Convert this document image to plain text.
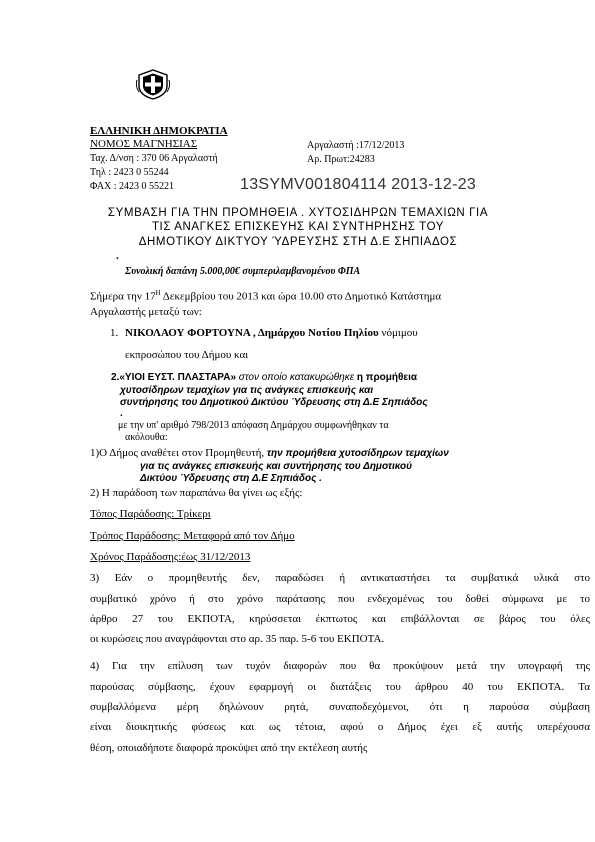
ΕΛΛΗΝΙΚΗ ΔΗΜΟΚΡΑΤΙΑ
ΝΟΜΟΣ ΜΑΓΝΗΣΙΑΣ
Ταχ. Δ/νση : 370 06 Αργαλαστή
Τηλ : 2423 0 55244
ΦΑΧ : 2423 0 55221
Αργαλαστή :17/12/2013
Αρ. Πρωτ:24283
13SYMV001804114 2013-12-23
ΣΥΜΒΑΣΗ ΓΙΑ ΤΗΝ ΠΡΟΜΗΘΕΙΑ . ΧΥΤΟΣΙΔΗΡΩΝ ΤΕΜΑΧΙΩΝ ΓΙΑ
ΤΙΣ ΑΝΑΓΚΕΣ ΕΠΙΣΚΕΥΗΣ ΚΑΙ ΣΥΝΤΗΡΗΣΗΣ ΤΟΥ
ΔΗΜΟΤΙΚΟΥ ΔΙΚΤΥΟΥ ΎΔΡΕΥΣΗΣ ΣΤΗ Δ.Ε ΣΗΠΙΑΔΟΣ
.
Συνολική δαπάνη 5.000,00€ συμπεριλαμβανομένου ΦΠΑ
Σήμερα την $17^H$ Δεκεμβρίου του 2013 και ώρα 10.00 στο Δημοτικό Κατάστημα
Αργαλαστής μεταξύ των:
1. ΝΙΚΟΛΑΟΥ ΦΟΡΤΟΥΝΑ , Δημάρχου Νοτίου Πηλίου νόμιμου
εκπροσώπου του Δήμου και
2.«ΥΙΟΙ ΕΥΣΤ. ΠΛΑΣΤΑΡΑ» στον οποίο κατακυρώθηκε η προμήθεια
χυτοσίδηρων τεμαχίων για τις ανάγκες επισκευής και
συντήρησης του Δημοτικού Δικτύου Ύδρευσης στη Δ.Ε Σηπιάδος
.
με την υπ' αριθμό 798/2013 απόφαση Δημάρχου συμφωνήθηκαν τα
ακόλουθα:
1)Ο Δήμος αναθέτει στον Προμηθευτή, την προμήθεια χυτοσίδηρων τεμαχίων
για τις ανάγκες επισκευής και συντήρησης του Δημοτικού
Δικτύου Ύδρευσης στη Δ.Ε Σηπιάδος .
2) Η παράδοση των παραπάνω θα γίνει ως εξής:
Τόπος Παράδοσης: Τρίκερι
Τρόπος Παράδοσης: Μεταφορά από τον Δήμο
Χρόνος Παράδοσης:έως 31/12/2013
3) Εάν ο προμηθευτής δεν, παραδώσει ή αντικαταστήσει τα συμβατικά υλικά στο
συμβατικό χρόνο ή στο χρόνο παράτασης που ενδεχομένως του δοθεί σύμφωνα με το
άρθρο 27 του ΕΚΠΟΤΑ, κηρύσσεται έκπτωτος και επιβάλλονται σε βάρος του όλες
οι κυρώσεις που αναγράφονται στο αρ. 35 παρ. 5-6 του ΕΚΠΟΤΑ.
4) Για την επίλυση των τυχόν διαφορών που θα προκύψουν μετά την υπογραφή της
παρούσας σύμβασης, έχουν εφαρμογή οι διατάξεις του άρθρου 40 του ΕΚΠΟΤΑ. Τα
συμβαλλόμενα μέρη δηλώνουν ρητά, συναποδεχόμενοι, ότι η παρούσα σύμβαση
είναι διοικητικής φύσεως και ως τέτοια, αφού ο Δήμος έχει εξ αυτής υπερέχουσα
θέση, οποιαδήποτε διαφορά προκύψει από την εκτέλεση αυτής
